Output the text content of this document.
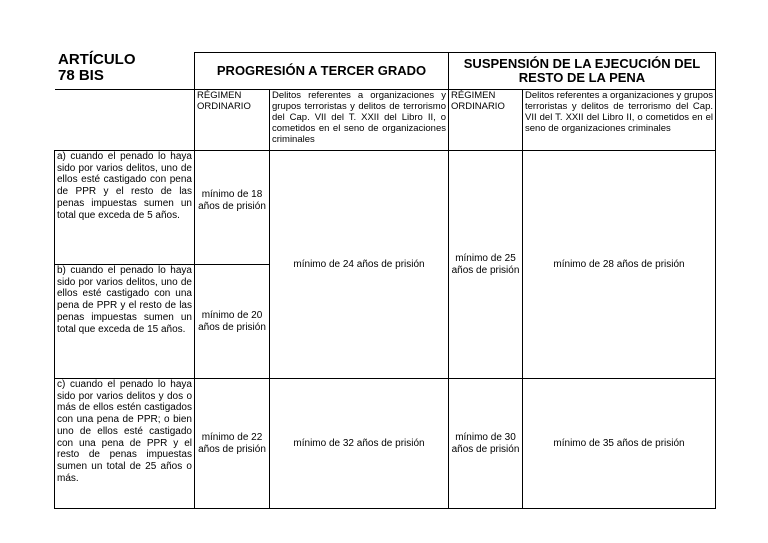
ARTÍCULO
78 BIS
		PROGRESIÓN A TERCER GRADO		SUSPENSIÓN DE LA EJECUCIÓN DEL RESTO DE LA PENA	
	RÉGIMEN ORDINARIO	Delitos referentes a organizaciones y grupos terroristas y delitos de terrorismo del Cap. VII del T. XXII del Libro II, o cometidos en el seno de organizaciones criminales	RÉGIMEN ORDINARIO	Delitos referentes a organizaciones y grupos terroristas y delitos de terrorismo del Cap. VII del T. XXII del Libro II, o cometidos en el seno de organizaciones criminales
a) cuando el penado lo haya sido por varios delitos, uno de ellos esté castigado con pena de PPR y el resto de las penas impuestas sumen un total que exceda de 5 años.	mínimo de 18 años de prisión	mínimo de 24 años de prisión	mínimo de 25 años de prisión	mínimo de 28 años de prisión
b) cuando el penado lo haya sido por varios delitos, uno de ellos esté castigado con una pena de PPR y el resto de las penas impuestas sumen un total que exceda de 15 años.	mínimo de 20 años de prisión			
c) cuando el penado lo haya sido por varios delitos y dos o más de ellos estén castigados con una pena de PPR; o bien uno de ellos esté castigado con una pena de PPR y el resto de penas impuestas sumen un total de 25 años o más.	mínimo de 22 años de prisión	mínimo de 32 años de prisión	mínimo de 30 años de prisión	mínimo de 35 años de prisión
